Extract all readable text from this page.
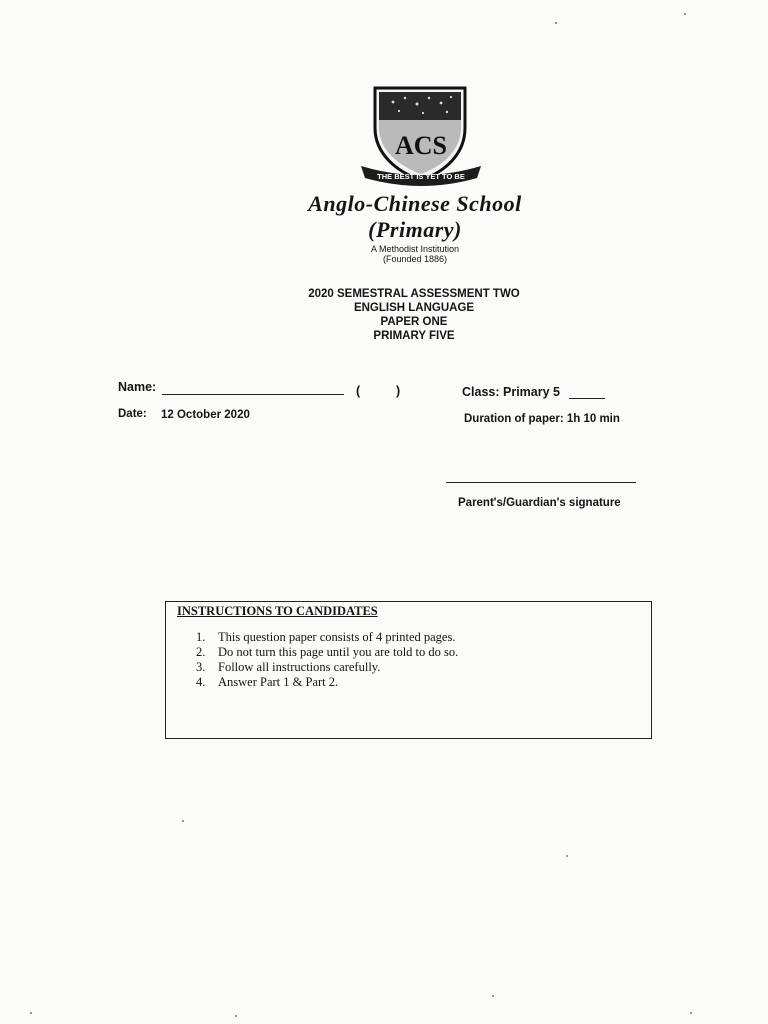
ACS
THE BEST IS YET TO BE
Anglo-Chinese School
(Primary)
A Methodist Institution
(Founded 1886)
2020 SEMESTRAL ASSESSMENT TWO
ENGLISH LANGUAGE
PAPER ONE
PRIMARY FIVE
Name:	(	)	Class: Primary 5
Date: 12 October 2020	Duration of paper: 1h 10 min
Parent's/Guardian's signature
INSTRUCTIONS TO CANDIDATES
1.	This question paper consists of 4 printed pages.
2.	Do not turn this page until you are told to do so.
3.	Follow all instructions carefully.
4.	Answer Part 1 & Part 2.
